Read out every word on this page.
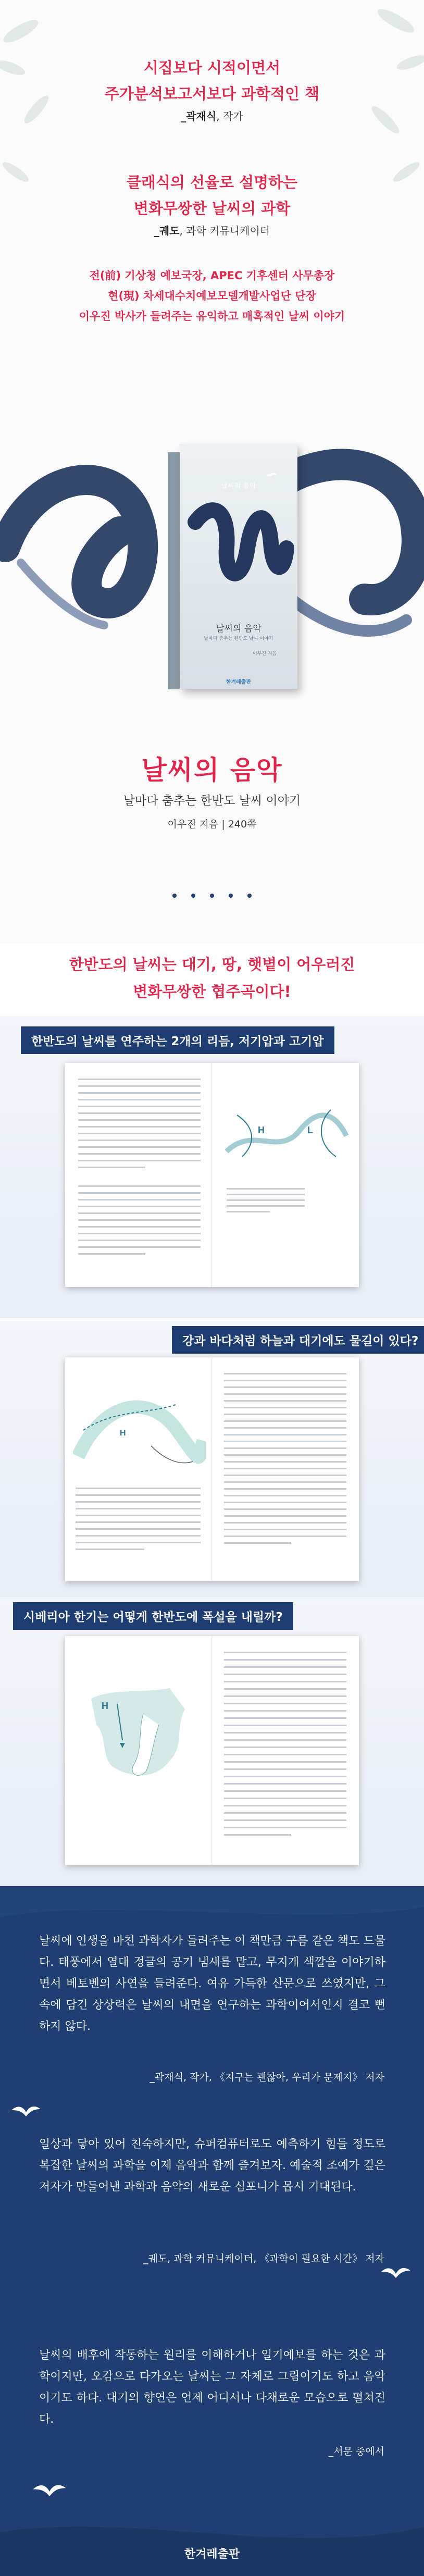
시집보다 시적이면서
주가분석보고서보다 과학적인 책
_곽재식, 작가
클래식의 선율로 설명하는
변화무쌍한 날씨의 과학
_궤도, 과학 커뮤니케이터
전(前) 기상청 예보국장, APEC 기후센터 사무총장
현(現) 차세대수치예보모델개발사업단 단장
이우진 박사가 들려주는 유익하고 매혹적인 날씨 이야기
날씨의 음악
날씨의 음악
날마다 춤추는 한반도 날씨 이야기
이우진 지음
한겨레출판
날씨의 음악
날마다 춤추는 한반도 날씨 이야기
이우진 지음 | 240쪽
한반도의 날씨는 대기, 땅, 햇볕이 어우러진
변화무쌍한 협주곡이다!
한반도의 날씨를 연주하는 2개의 리듬, 저기압과 고기압
H	L
강과 바다처럼 하늘과 대기에도 물길이 있다?
H
시베리아 한기는 어떻게 한반도에 폭설을 내릴까?
H
날씨에 인생을 바친 과학자가 들려주는 이 책만큼 구름 같은 책도 드물다. 태풍에서 열대 정글의 공기 냄새를 맡고, 무지개 색깔을 이야기하면서 베토벤의 사연을 들려준다. 여유 가득한 산문으로 쓰였지만, 그 속에 담긴 상상력은 날씨의 내면을 연구하는 과학이어서인지 결코 뻔하지 않다.
_곽재식, 작가, 《지구는 괜찮아, 우리가 문제지》 저자
일상과 닿아 있어 친숙하지만, 슈퍼컴퓨터로도 예측하기 힘들 정도로 복잡한 날씨의 과학을 이제 음악과 함께 즐겨보자. 예술적 조예가 깊은 저자가 만들어낸 과학과 음악의 새로운 심포니가 몹시 기대된다.
_궤도, 과학 커뮤니케이터, 《과학이 필요한 시간》 저자
날씨의 배후에 작동하는 원리를 이해하거나 일기예보를 하는 것은 과학이지만, 오감으로 다가오는 날씨는 그 자체로 그림이기도 하고 음악이기도 하다. 대기의 향연은 언제 어디서나 다채로운 모습으로 펼쳐진다.
_서문 중에서
한겨레출판
